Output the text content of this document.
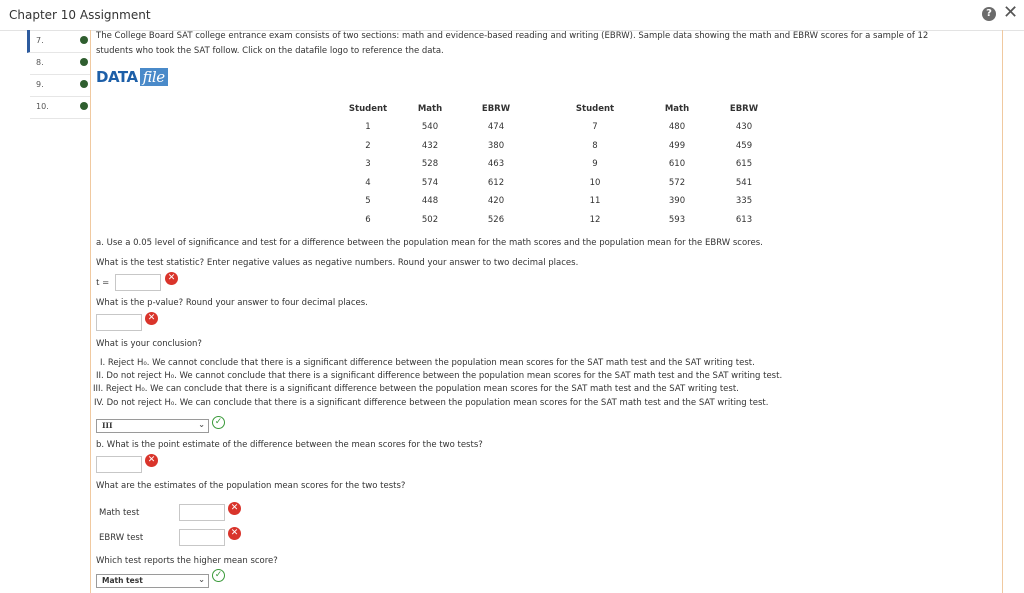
Chapter 10 Assignment	? ✕
7.
8.
9.
10.
The College Board SAT college entrance exam consists of two sections: math and evidence-based reading and writing (EBRW). Sample data showing the math and EBRW scores for a sample of 12
students who took the SAT follow. Click on the datafile logo to reference the data.
DATA file
Student	Math	EBRW	Student	Math	EBRW
1	540	474	7	480	430
2	432	380	8	499	459
3	528	463	9	610	615
4	574	612	10	572	541
5	448	420	11	390	335
6	502	526	12	593	613
a. Use a 0.05 level of significance and test for a difference between the population mean for the math scores and the population mean for the EBRW scores.
What is the test statistic? Enter negative values as negative numbers. Round your answer to two decimal places.
t =	✕
What is the p-value? Round your answer to four decimal places.
✕
What is your conclusion?
I. Reject H₀. We cannot conclude that there is a significant difference between the population mean scores for the SAT math test and the SAT writing test.
II. Do not reject H₀. We cannot conclude that there is a significant difference between the population mean scores for the SAT math test and the SAT writing test.
III. Reject H₀. We can conclude that there is a significant difference between the population mean scores for the SAT math test and the SAT writing test.
IV. Do not reject H₀. We can conclude that there is a significant difference between the population mean scores for the SAT math test and the SAT writing test.
III	⌄	✓
b. What is the point estimate of the difference between the mean scores for the two tests?
✕
What are the estimates of the population mean scores for the two tests?
Math test	✕
EBRW test	✕
Which test reports the higher mean score?
Math test	⌄	✓
